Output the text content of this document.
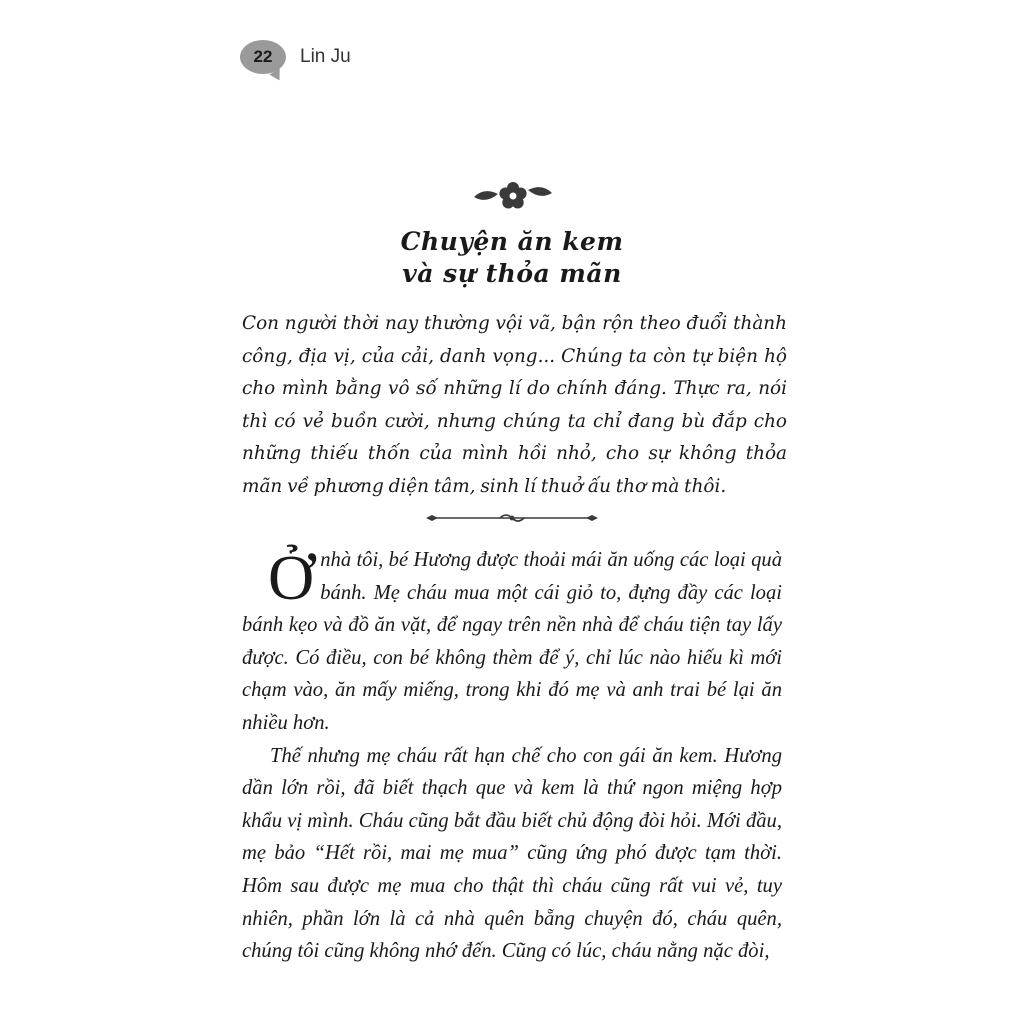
22	Lin Ju
Chuyện ăn kem
và sự thỏa mãn
Con người thời nay thường vội vã, bận rộn theo đuổi thành công, địa vị, của cải, danh vọng... Chúng ta còn tự biện hộ cho mình bằng vô số những lí do chính đáng. Thực ra, nói thì có vẻ buồn cười, nhưng chúng ta chỉ đang bù đắp cho những thiếu thốn của mình hồi nhỏ, cho sự không thỏa mãn về phương diện tâm, sinh lí thuở ấu thơ mà thôi.

Ởnhà tôi, bé Hương được thoải mái ăn uống các loại quà bánh. Mẹ cháu mua một cái giỏ to, đựng đầy các loại bánh kẹo và đồ ăn vặt, để ngay trên nền nhà để cháu tiện tay lấy được. Có điều, con bé không thèm để ý, chỉ lúc nào hiếu kì mới chạm vào, ăn mấy miếng, trong khi đó mẹ và anh trai bé lại ăn nhiều hơn.

Thế nhưng mẹ cháu rất hạn chế cho con gái ăn kem. Hương dần lớn rồi, đã biết thạch que và kem là thứ ngon miệng hợp khẩu vị mình. Cháu cũng bắt đầu biết chủ động đòi hỏi. Mới đầu, mẹ bảo “Hết rồi, mai mẹ mua” cũng ứng phó được tạm thời. Hôm sau được mẹ mua cho thật thì cháu cũng rất vui vẻ, tuy nhiên, phần lớn là cả nhà quên bẵng chuyện đó, cháu quên, chúng tôi cũng không nhớ đến. Cũng có lúc, cháu nằng nặc đòi,
